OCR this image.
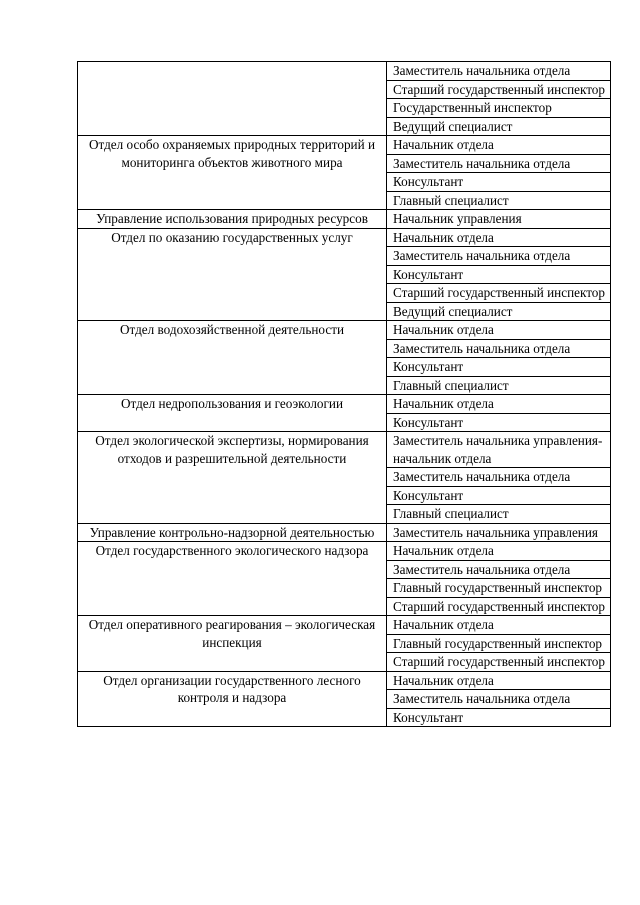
	Заместитель начальника отдела
	Старший государственный инспектор
	Государственный инспектор
	Ведущий специалист
Отдел особо охраняемых природных территорий и мониторинга объектов животного мира	Начальник отдела
	Заместитель начальника отдела
	Консультант
	Главный специалист
Управление использования природных ресурсов	Начальник управления
Отдел по оказанию государственных услуг	Начальник отдела
	Заместитель начальника отдела
	Консультант
	Старший государственный инспектор
	Ведущий специалист
Отдел водохозяйственной деятельности	Начальник отдела
	Заместитель начальника отдела
	Консультант
	Главный специалист
Отдел недропользования и геоэкологии	Начальник отдела
	Консультант
Отдел экологической экспертизы, нормирования отходов и разрешительной деятельности	Заместитель начальника управления-начальник отдела
	Заместитель начальника отдела
	Консультант
	Главный специалист
Управление контрольно-надзорной деятельностью	Заместитель начальника управления
Отдел государственного экологического надзора	Начальник отдела
	Заместитель начальника отдела
	Главный государственный инспектор
	Старший государственный инспектор
Отдел оперативного реагирования – экологическая инспекция	Начальник отдела
	Главный государственный инспектор
	Старший государственный инспектор
Отдел организации государственного лесного контроля и надзора	Начальник отдела
	Заместитель начальника отдела
	Консультант
